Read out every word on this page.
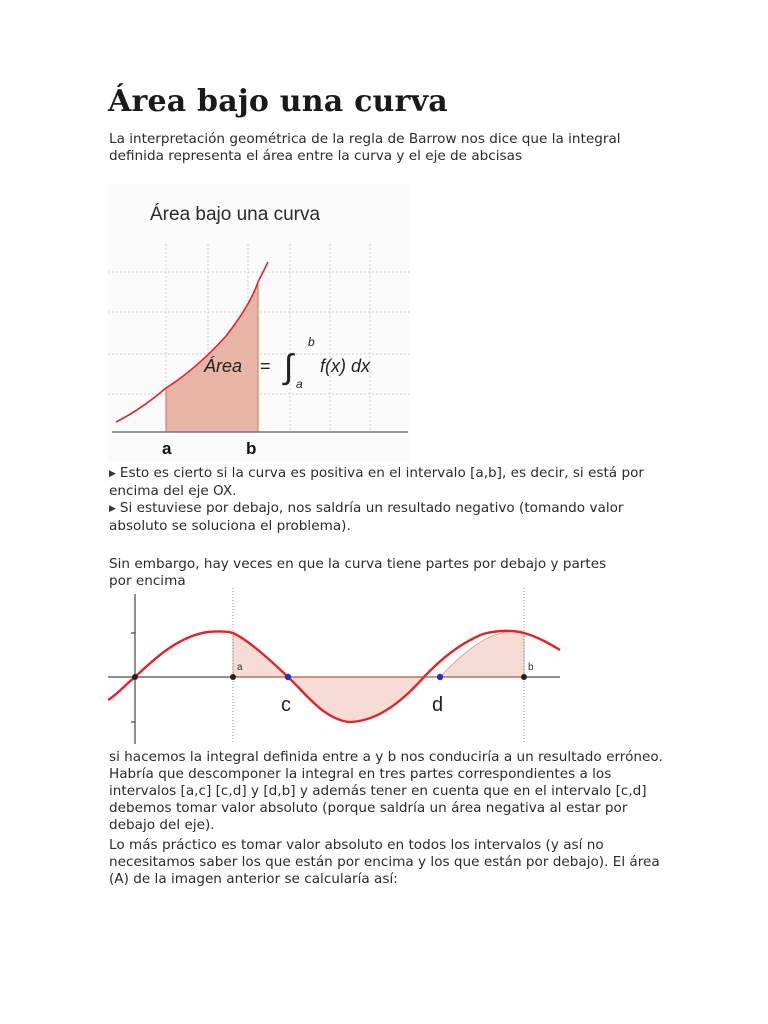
Área bajo una curva

La interpretación geométrica de la regla de Barrow nos dice que la integral definida representa el área entre la curva y el eje de abcisas

Área bajo una curva
Área = ∫
b
a
f(x) dx
a	b
▶ Esto es cierto si la curva es positiva en el intervalo [a,b], es decir, si está por encima del eje OX.
▶ Si estuviese por debajo, nos saldría un resultado negativo (tomando valor absoluto se soluciona el problema).

Sin embargo, hay veces en que la curva tiene partes por debajo y partes por encima

a	b
c	d

si hacemos la integral definida entre a y b nos conduciría a un resultado erróneo. Habría que descomponer la integral en tres partes correspondientes a los intervalos [a,c] [c,d] y [d,b] y además tener en cuenta que en el intervalo [c,d] debemos tomar valor absoluto (porque saldría un área negativa al estar por debajo del eje).

Lo más práctico es tomar valor absoluto en todos los intervalos (y así no necesitamos saber los que están por encima y los que están por debajo). El área (A) de la imagen anterior se calcularía así:
